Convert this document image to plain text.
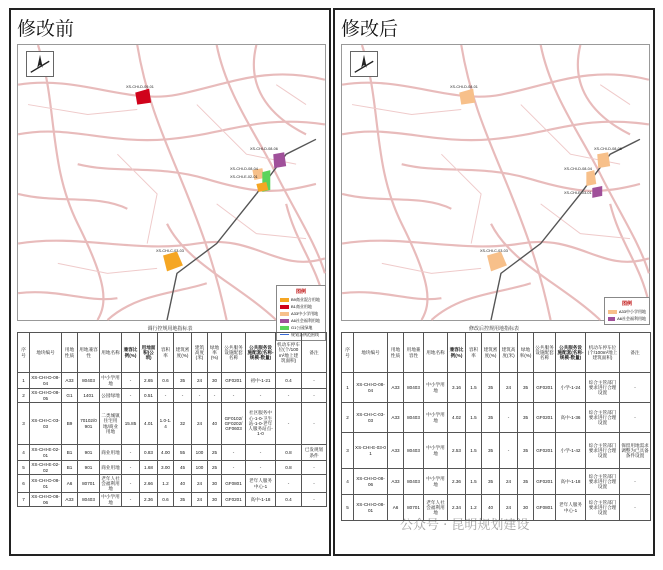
修改前
XS-CHI-D-09-01
XS-CHI-D-08-06
XS-CHI-D-08-04
XS-CHI-E-02-01
XS-CHI-C-03-03
图例
B9商业混合用地
B1商业用地
A33中小学用地
A6社会福利用地
G1公园绿地
规划条例范围线
调行控规用地指标表
序号	地块编号	用地性质	用地兼容性	用地名称	兼容比例(%)	用地面积(公顷)	容积率	建筑密度(%)	建筑高度(米)	绿地率(%)	公共服务设施配套名称	公共服务设施配套(名称-规模-数量)	机动车停车位(个/100m²地上建筑面积)	备注
1	XS-CHI-D-08-04	A33	80403	中小学用地	-	2.65	0.6	35	24	30	GF0201	初中-1-21	0.4	-
2	XS-CHI-D-08-05	G1	1401	公园绿地	-	0.51	-	-	-	-	-	-	-	-
3	XS-CHI-C-03-03	B9	70102/0901	二类城镇住宅用地/商业用地	15.85	4.01	1.0-1.4	32	24	40	GF0102/GF0202/GF0603	社区服务中心-1-0-卫生站-1-0-老年人服务站点-1-0	-	-
4	XS-CHI-E-02-01	B1	901	商业用地	-	0.83	4.00	55	100	25	-	-	0.8	已发规划条件
5	XS-CHI-E-02-02	B1	901	商业用地	-	1.68	3.00	45	100	25	-	-	0.8	-
6	XS-CHI-D-08-01	A6	80701	老年人社会福利用地	-	2.66	1.2	40	24	30	GF0801	老年人服务中心-1	-	-
7	XS-CHI-D-08-06	A33	80403	中小学用地	-	2.36	0.6	35	24	30	GF0201	高中-1-18	0.4	-
修改后
XS-CHI-D-08-01
XS-CHI-D-08-06
XS-CHI-D-08-04
XS-CHI-E-03-01
XS-CHI-C-03-03
图例
A33中小学用地
A6社会福利用地
修改后控规用地指标表
序号	地块编号	用地性质	用地兼容性	用地名称	兼容比例(%)	容积率	建筑密度(%)	建筑高度(米)	绿地率(%)	公共服务设施配套名称	公共服务设施配套(名称-规模-数量)	机动车停车位(个/100m²地上建筑面积)	备注
1	XS-CHI-D-08-04	A33	80403	中小学用地	3.16	1.5	35	24	35	GF0201	小学-1-24	综合主管部门要求进行合理设置	-
2	XS-CHI-C-03-03	A33	80403	中小学用地	4.02	1.5	35	-	35	GF0201	高中-1-36	综合主管部门要求进行合理设置	-
3	XS-CHI-E-03-01	A33	80403	中小学用地	2.53	1.5	35	-	35	GF0201	小学-1-42	综合主管部门要求进行合理设置	保留用地需求调整为已具备条件设置
4	XS-CHI-D-08-06	A33	80403	中小学用地	2.36	1.5	35	24	35	GF0201	高中-1-18	综合主管部门要求进行合理设置	-
5	XS-CHI-D-08-01	A6	80701	老年人社会福利用地	2.34	1.2	40	24	30	GF0801	老年人服务中心-1	综合主管部门要求进行合理设置	-
公众号 · 昆明规划建设
